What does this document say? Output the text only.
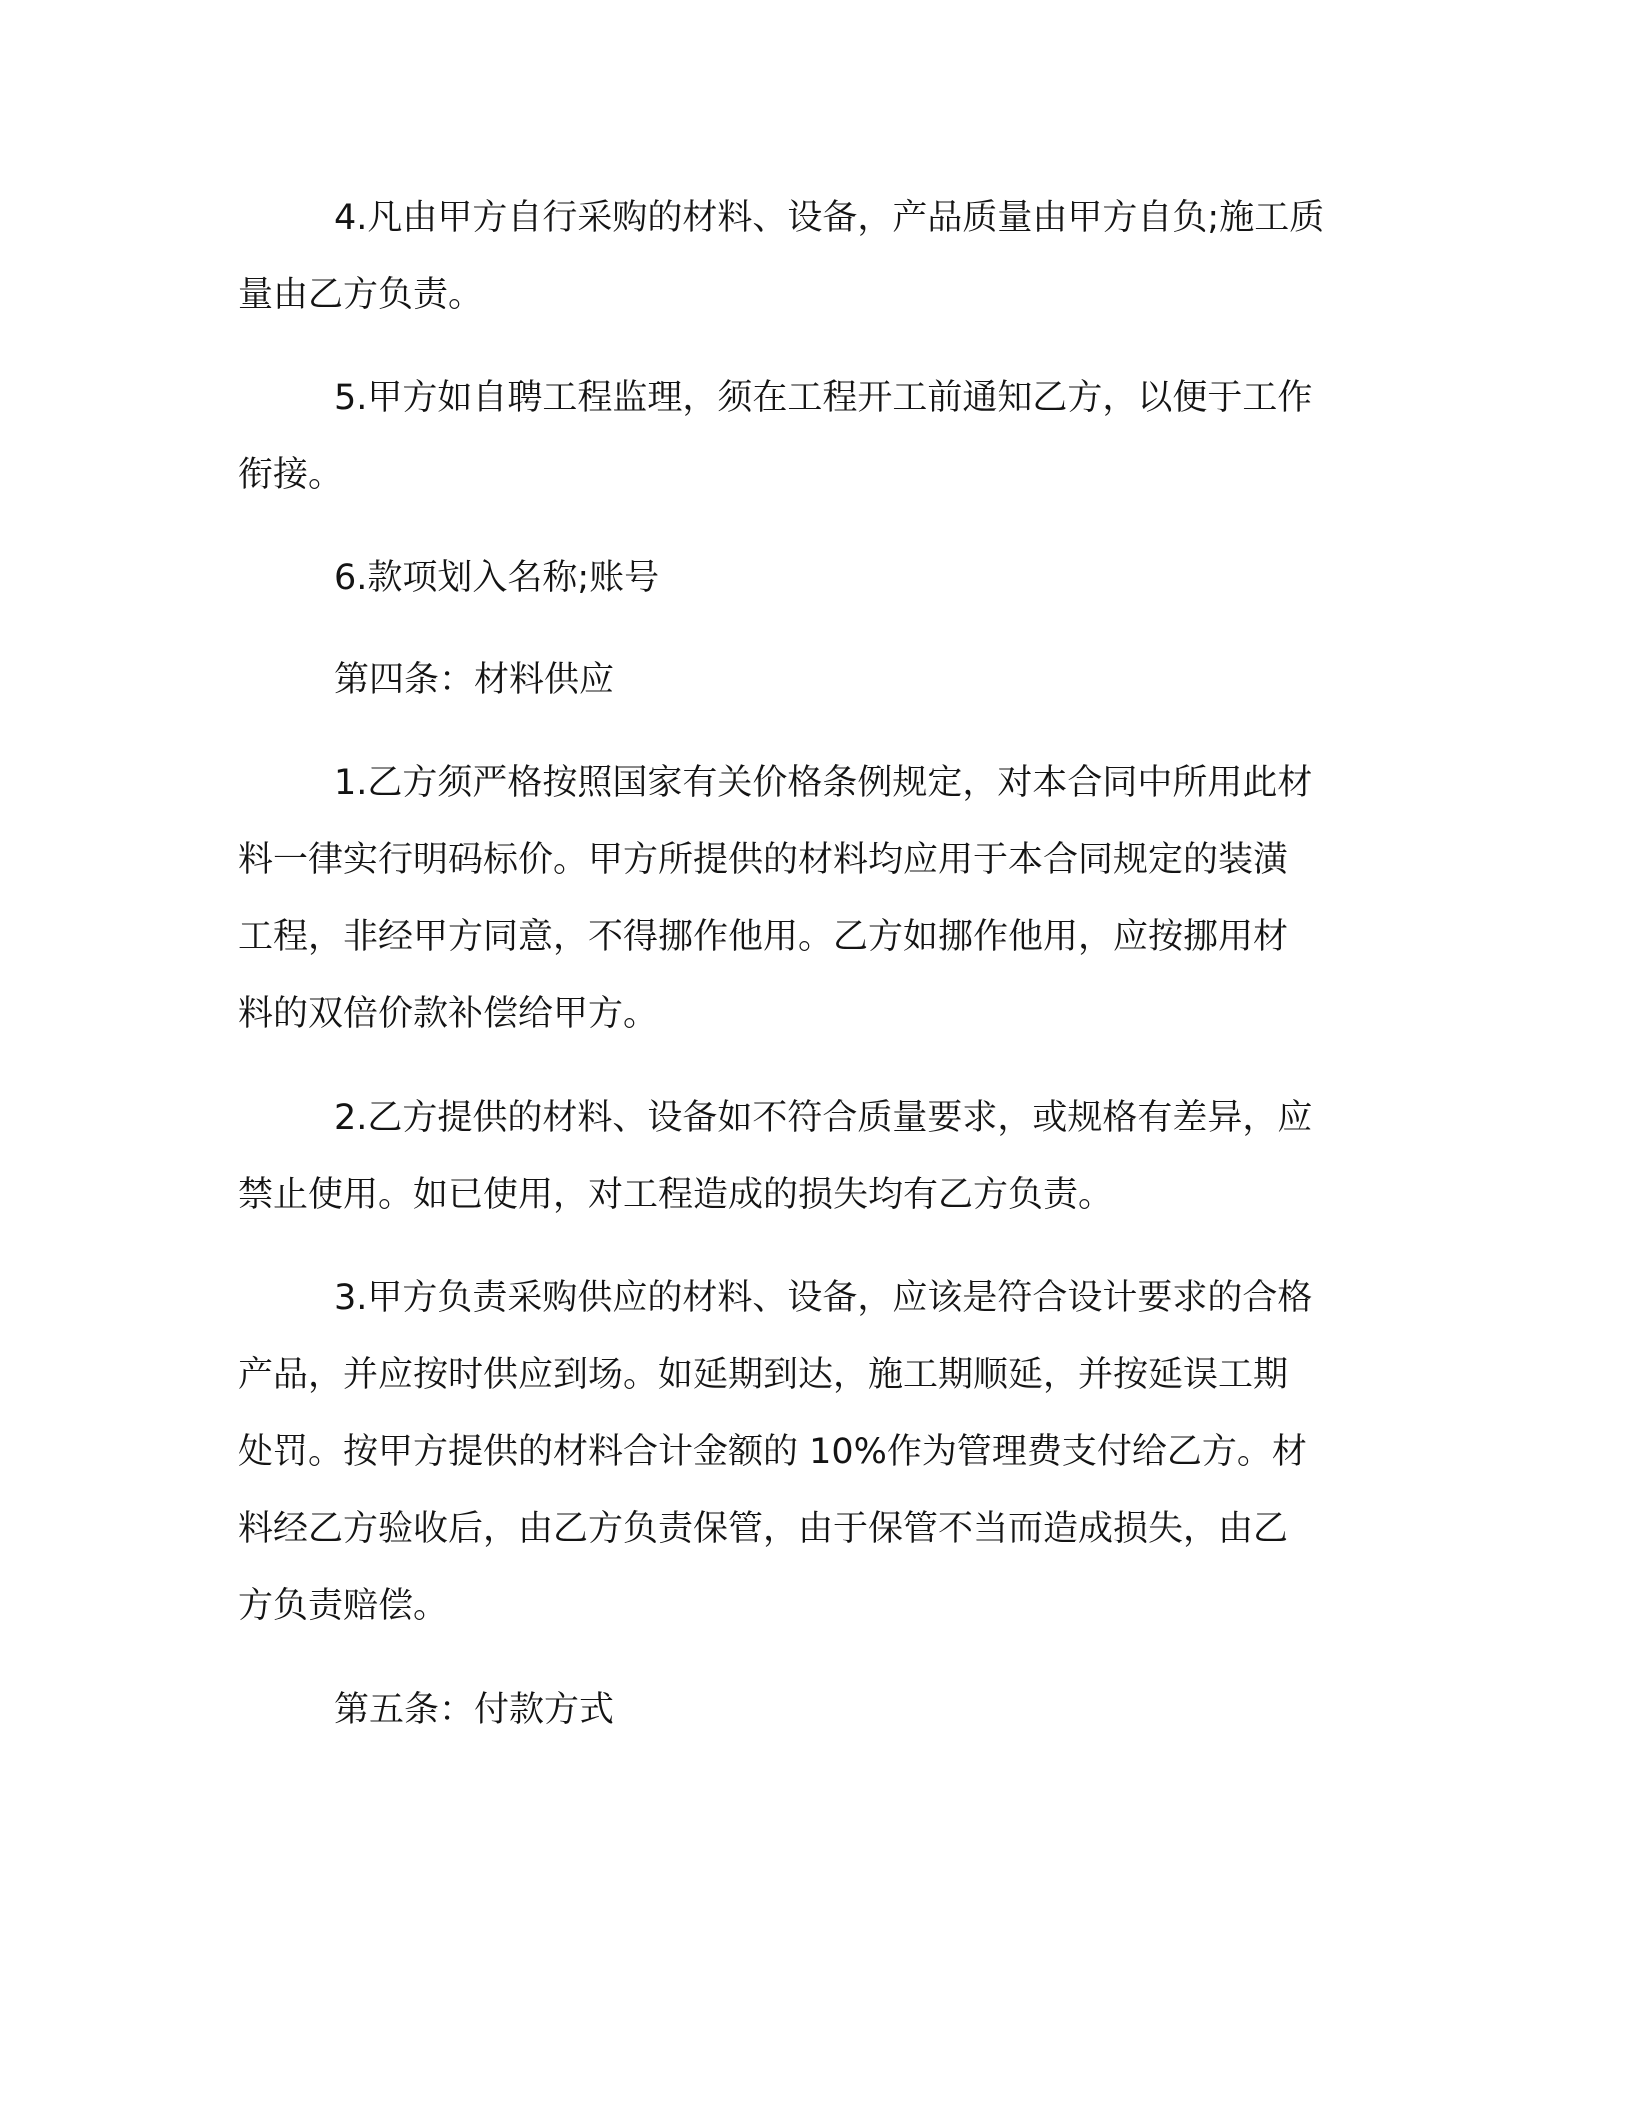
4.凡由甲方自行采购的材料、设备，产品质量由甲方自负;施工质
量由乙方负责。
5.甲方如自聘工程监理，须在工程开工前通知乙方，以便于工作
衔接。
6.款项划入名称;账号
第四条：材料供应
1.乙方须严格按照国家有关价格条例规定，对本合同中所用此材
料一律实行明码标价。甲方所提供的材料均应用于本合同规定的装潢
工程，非经甲方同意，不得挪作他用。乙方如挪作他用，应按挪用材
料的双倍价款补偿给甲方。
2.乙方提供的材料、设备如不符合质量要求，或规格有差异，应
禁止使用。如已使用，对工程造成的损失均有乙方负责。
3.甲方负责采购供应的材料、设备，应该是符合设计要求的合格
产品，并应按时供应到场。如延期到达，施工期顺延，并按延误工期
处罚。按甲方提供的材料合计金额的 10%作为管理费支付给乙方。材
料经乙方验收后，由乙方负责保管，由于保管不当而造成损失，由乙
方负责赔偿。
第五条：付款方式
